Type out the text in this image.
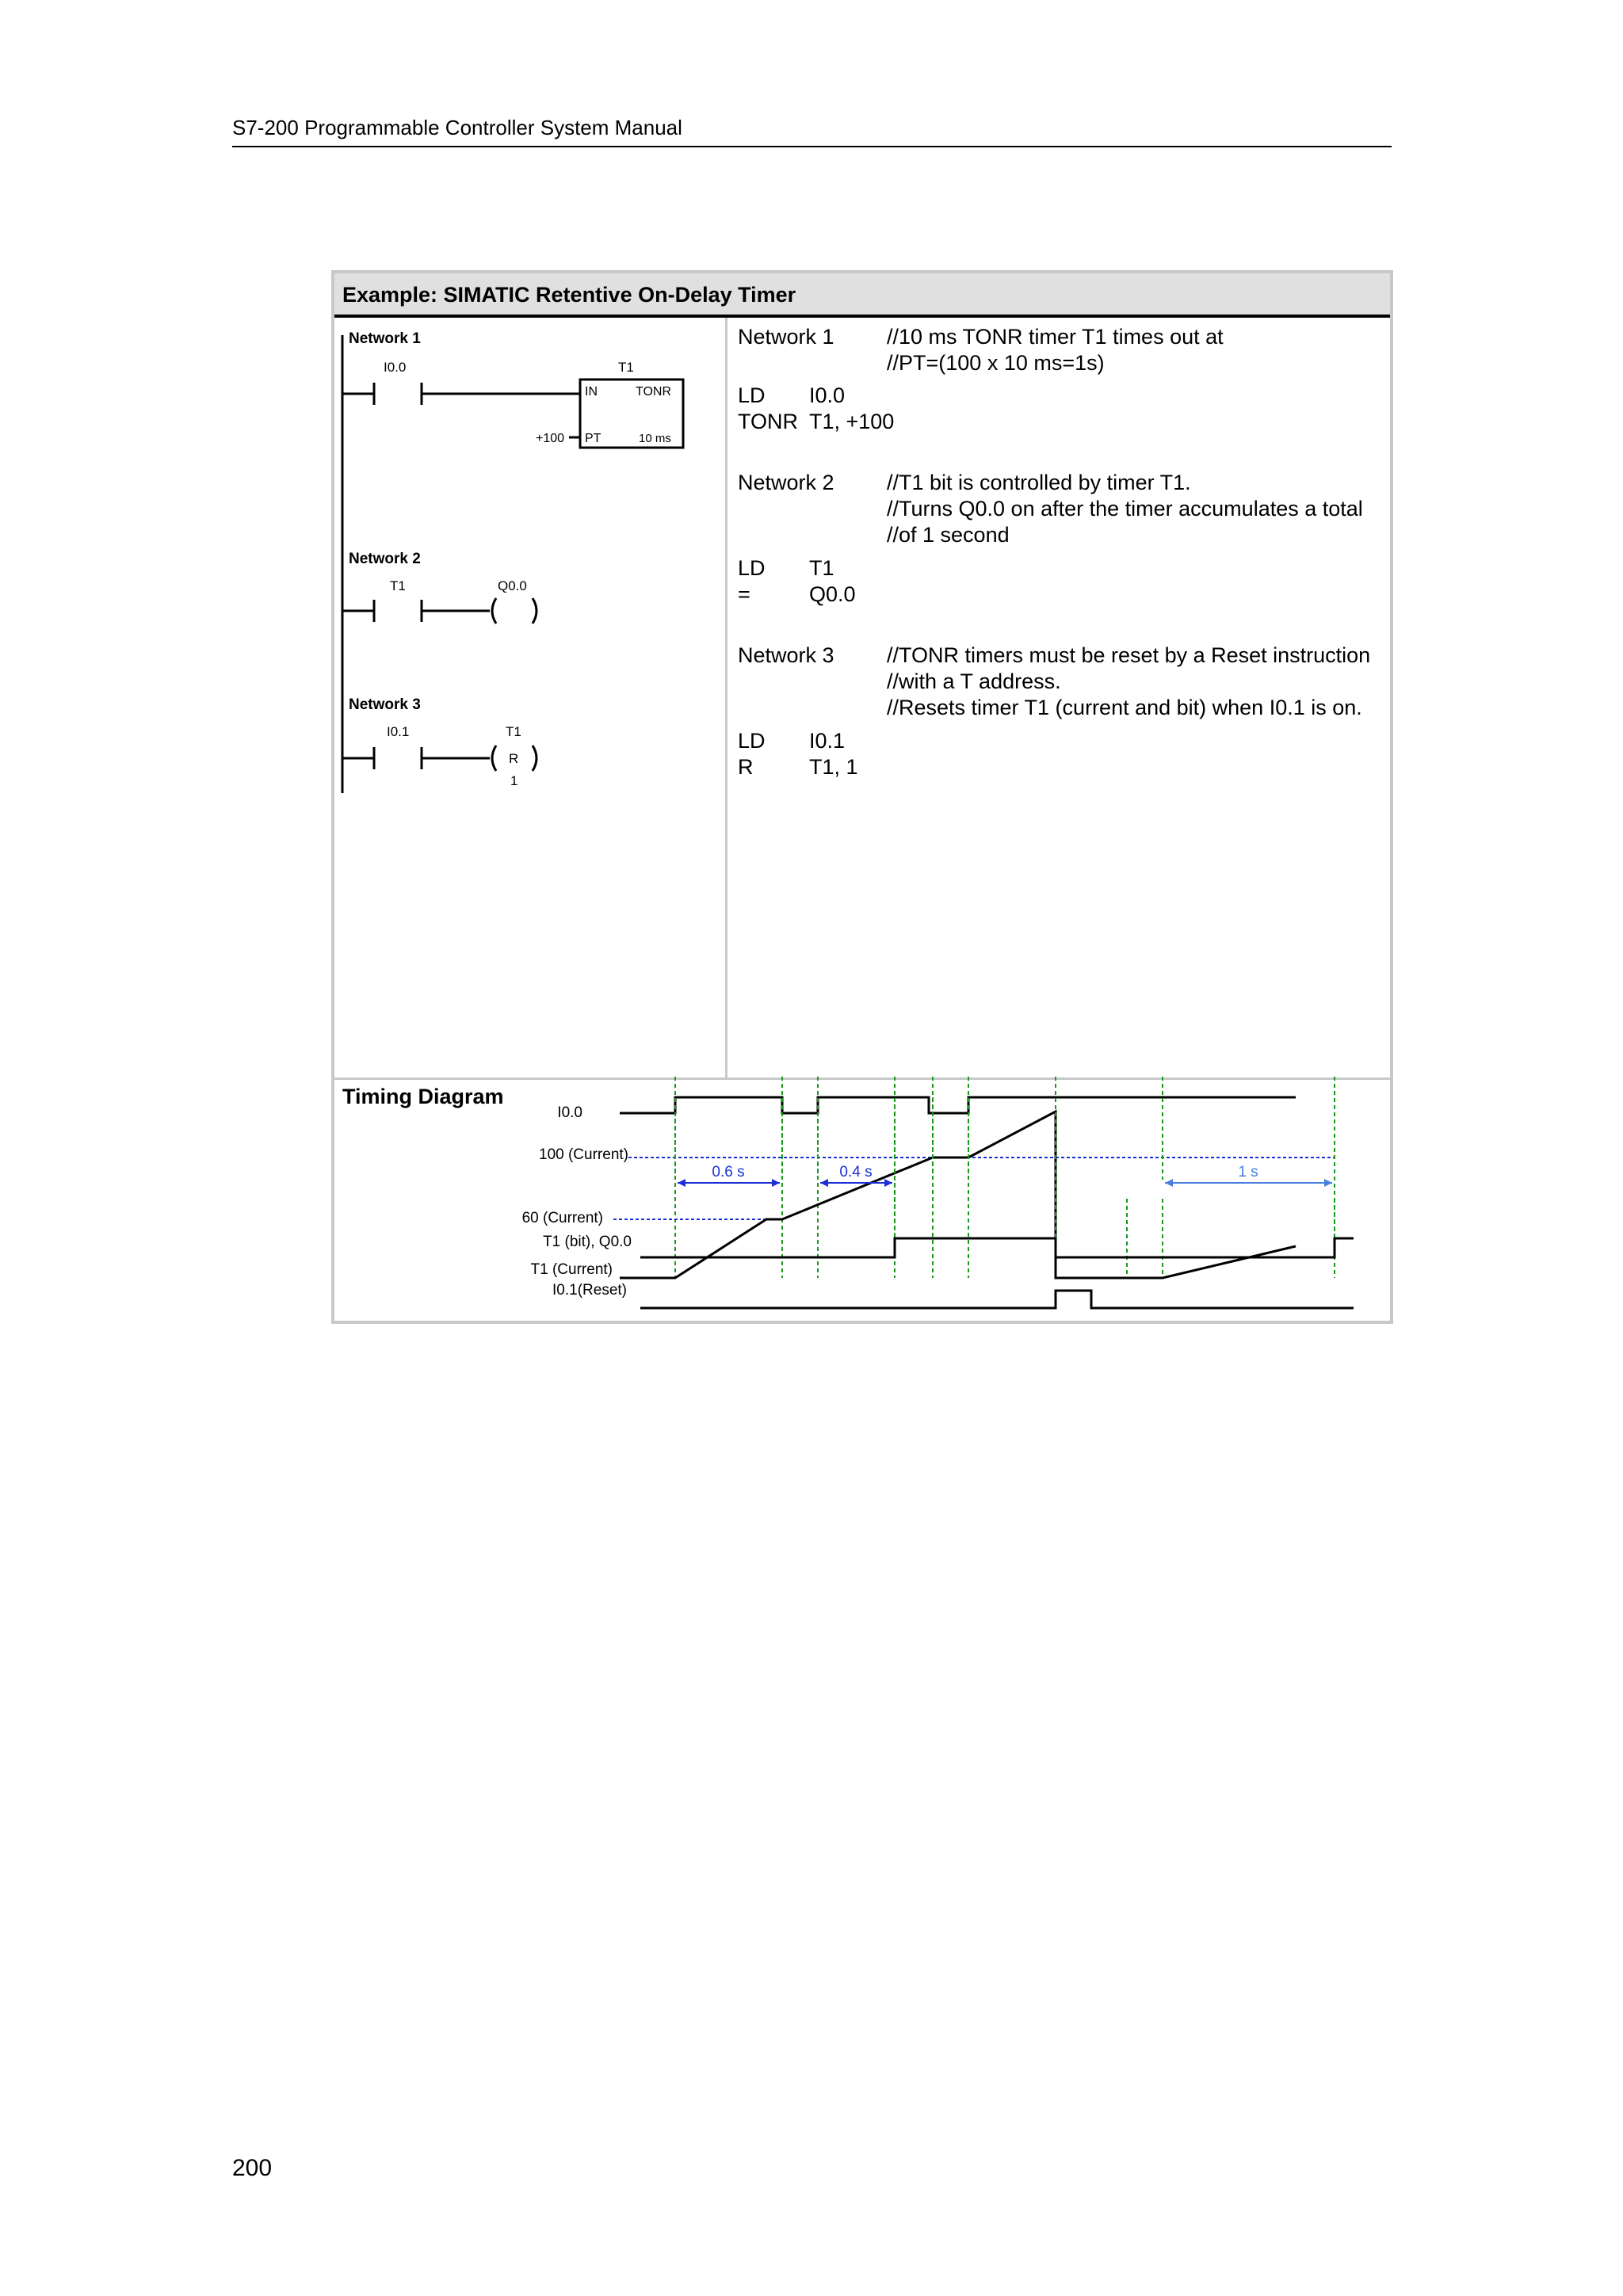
S7-200 Programmable Controller System Manual
Example: SIMATIC Retentive On-Delay Timer
Network 1
I0.0	T1
IN	TONR
PT	10 ms
+100
Network 2
T1	Q0.0
Network 3
I0.1	T1
R
1
Network 1 //10 ms TONR timer T1 times out at
//PT=(100 x 10 ms=1s)
LD I0.0
TONR T1, +100
Network 2 //T1 bit is controlled by timer T1.
//Turns Q0.0 on after the timer accumulates a total
//of 1 second
LD T1
=	Q0.0
Network 3 //TONR timers must be reset by a Reset instruction
//with a T address.
//Resets timer T1 (current and bit) when I0.1 is on.
LD I0.1
R	T1, 1
Timing Diagram
I0.0
T1 (Current)
100 (Current)
60 (Current)
0.6 s	0.4 s	1 s
T1 (bit), Q0.0
I0.1(Reset)
200
